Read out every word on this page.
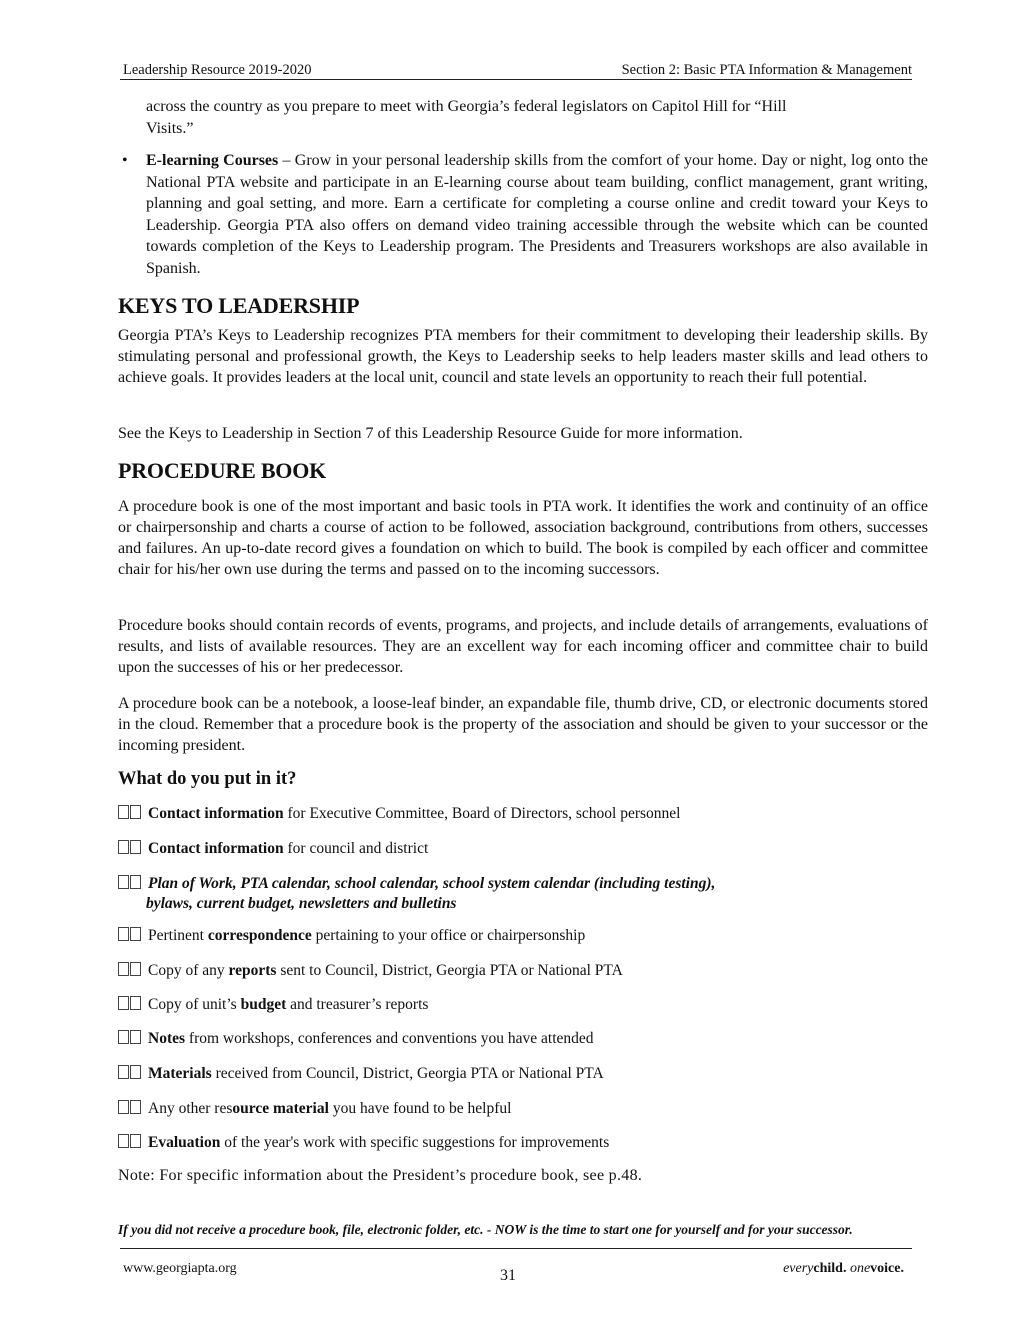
Leadership Resource 2019-2020	Section 2: Basic PTA Information & Management
across the country as you prepare to meet with Georgia’s federal legislators on Capitol Hill for “Hill
Visits.”
• E-learning Courses – Grow in your personal leadership skills from the comfort of your home. Day or night, log onto the National PTA website and participate in an E-learning course about team building, conflict management, grant writing, planning and goal setting, and more. Earn a certificate for completing a course online and credit toward your Keys to Leadership. Georgia PTA also offers on demand video training accessible through the website which can be counted towards completion of the Keys to Leadership program. The Presidents and Treasurers workshops are also available in Spanish.
KEYS TO LEADERSHIP
Georgia PTA’s Keys to Leadership recognizes PTA members for their commitment to developing their leadership skills. By stimulating personal and professional growth, the Keys to Leadership seeks to help leaders master skills and lead others to achieve goals. It provides leaders at the local unit, council and state levels an opportunity to reach their full potential.
See the Keys to Leadership in Section 7 of this Leadership Resource Guide for more information.
PROCEDURE BOOK
A procedure book is one of the most important and basic tools in PTA work. It identifies the work and continuity of an office or chairpersonship and charts a course of action to be followed, association background, contributions from others, successes and failures. An up-to-date record gives a foundation on which to build. The book is compiled by each officer and committee chair for his/her own use during the terms and passed on to the incoming successors.
Procedure books should contain records of events, programs, and projects, and include details of arrangements, evaluations of results, and lists of available resources. They are an excellent way for each incoming officer and committee chair to build upon the successes of his or her predecessor.
A procedure book can be a notebook, a loose-leaf binder, an expandable file, thumb drive, CD, or electronic documents stored in the cloud. Remember that a procedure book is the property of the association and should be given to your successor or the incoming president.
What do you put in it?
Contact information for Executive Committee, Board of Directors, school personnel
Contact information for council and district
Plan of Work, PTA calendar, school calendar, school system calendar (including testing),
bylaws, current budget, newsletters and bulletins
Pertinent correspondence pertaining to your office or chairpersonship
Copy of any reports sent to Council, District, Georgia PTA or National PTA
Copy of unit’s budget and treasurer’s reports
Notes from workshops, conferences and conventions you have attended
Materials received from Council, District, Georgia PTA or National PTA
Any other resource material you have found to be helpful
Evaluation of the year's work with specific suggestions for improvements
Note: For specific information about the President’s procedure book, see p.48.
If you did not receive a procedure book, file, electronic folder, etc. - NOW is the time to start one for yourself and for your successor.
www.georgiapta.org	31	everychild. onevoice.
